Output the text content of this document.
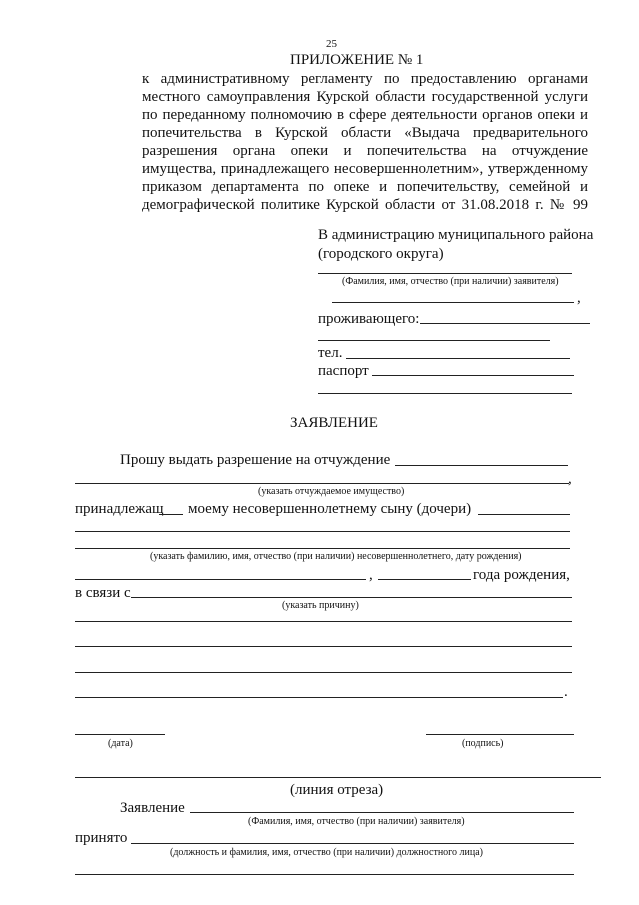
25
ПРИЛОЖЕНИЕ № 1
к административному регламенту по предоставлению органами
местного самоуправления Курской области государственной услуги
по переданному полномочию в сфере деятельности органов опеки и
попечительства в Курской области «Выдача предварительного
разрешения органа опеки и попечительства на отчуждение
имущества, принадлежащего несовершеннолетним», утвержденному
приказом департамента по опеке и попечительству, семейной и
демографической политике Курской области от 31.08.2018 г. № 99
В администрацию муниципального района
(городского округа)
(Фамилия, имя, отчество (при наличии) заявителя)
,
проживающего:
тел.
паспорт
ЗАЯВЛЕНИЕ
Прошу выдать разрешение на отчуждение
,
(указать отчуждаемое имущество)
принадлежащ моему несовершеннолетнему сыну (дочери)
(указать фамилию, имя, отчество (при наличии) несовершеннолетнего, дату рождения)
,	года рождения,
в связи с
(указать причину)
.
(дата)	(подпись)
(линия отреза)
Заявление
(Фамилия, имя, отчество (при наличии) заявителя)
принято
(должность и фамилия, имя, отчество (при наличии) должностного лица)
